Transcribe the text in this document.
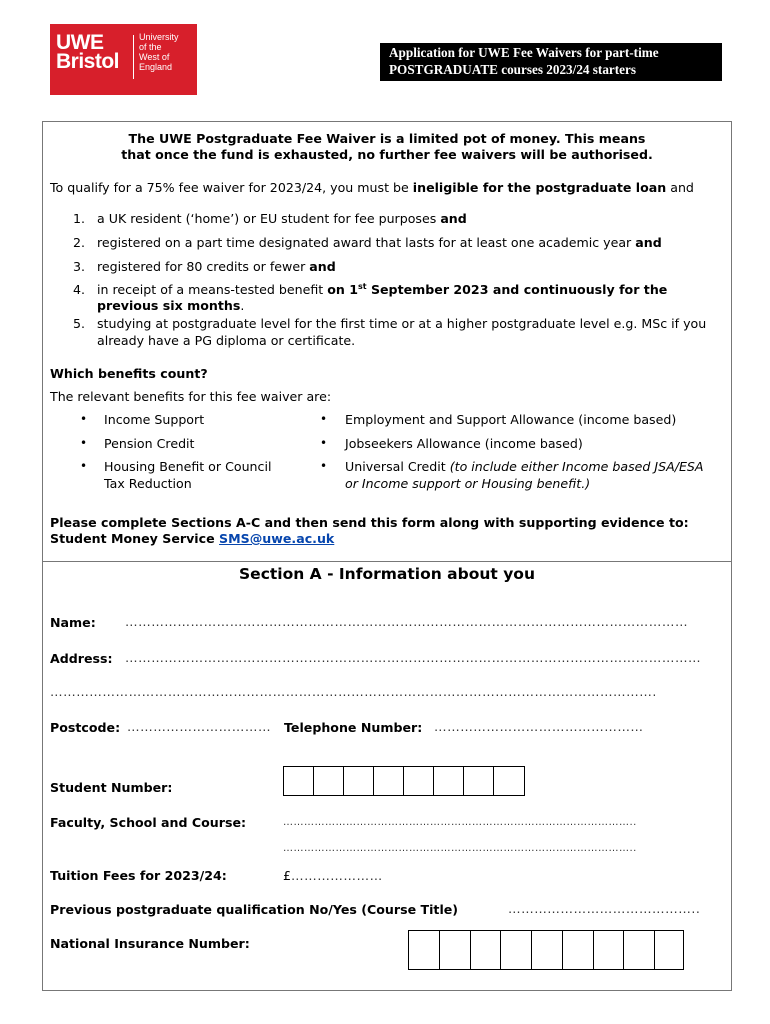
UWE
Bristol
University
of the
West of
England
Application for UWE Fee Waivers for part-time
POSTGRADUATE courses 2023/24 starters
The UWE Postgraduate Fee Waiver is a limited pot of money. This means
that once the fund is exhausted, no further fee waivers will be authorised.
To qualify for a 75% fee waiver for 2023/24, you must be ineligible for the postgraduate loan and
1. a UK resident (‘home’) or EU student for fee purposes and
2. registered on a part time designated award that lasts for at least one academic year and
3. registered for 80 credits or fewer and
4. in receipt of a means-tested benefit on 1st September 2023 and continuously for the
previous six months.
5. studying at postgraduate level for the first time or at a higher postgraduate level e.g. MSc if you
already have a PG diploma or certificate.
Which benefits count?
The relevant benefits for this fee waiver are:
• Income Support
• Pension Credit
• Housing Benefit or Council
Tax Reduction
• Employment and Support Allowance (income based)
• Jobseekers Allowance (income based)
• Universal Credit (to include either Income based JSA/ESA
or Income support or Housing benefit.)
Please complete Sections A-C and then send this form along with supporting evidence to:
Student Money Service SMS@uwe.ac.uk
Section A - Information about you
Name: …………………………………………………………………………………………………………………
Address: ……………………………………………………………………………………………………………………
………………………………………………………………………………………………………………………….
Postcode: …………………………… Telephone Number: …………………………………………
Student Number:
Faculty, School and Course:	………………………………………………………………………………………..
………………………………………………………………………………………..
Tuition Fees for 2023/24:	£…………………
Previous postgraduate qualification No/Yes (Course Title)	……………………………………..
National Insurance Number:
